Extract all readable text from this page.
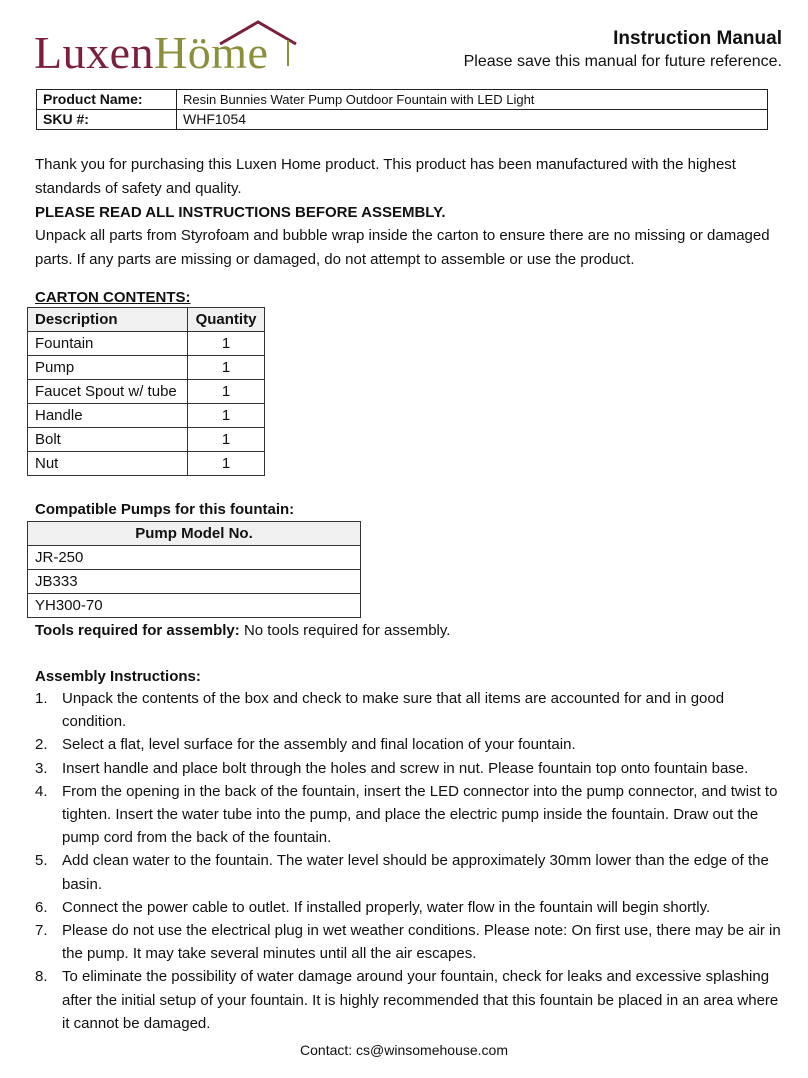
LuxenHöme	Instruction Manual
Please save this manual for future reference.
Product Name:	Resin Bunnies Water Pump Outdoor Fountain with LED Light
SKU #:	WHF1054
Thank you for purchasing this Luxen Home product. This product has been manufactured with the highest standards of safety and quality.
PLEASE READ ALL INSTRUCTIONS BEFORE ASSEMBLY.
Unpack all parts from Styrofoam and bubble wrap inside the carton to ensure there are no missing or damaged parts. If any parts are missing or damaged, do not attempt to assemble or use the product.
CARTON CONTENTS:
Description	Quantity
Fountain	1
Pump	1
Faucet Spout w/ tube	1
Handle	1
Bolt	1
Nut	1
Compatible Pumps for this fountain:
Pump Model No.
JR-250
JB333
YH300-70
Tools required for assembly: No tools required for assembly.
Assembly Instructions:
1. Unpack the contents of the box and check to make sure that all items are accounted for and in good condition.
2. Select a flat, level surface for the assembly and final location of your fountain.
3. Insert handle and place bolt through the holes and screw in nut. Please fountain top onto fountain base.
4. From the opening in the back of the fountain, insert the LED connector into the pump connector, and twist to tighten. Insert the water tube into the pump, and place the electric pump inside the fountain. Draw out the pump cord from the back of the fountain.
5. Add clean water to the fountain. The water level should be approximately 30mm lower than the edge of the basin.
6. Connect the power cable to outlet. If installed properly, water flow in the fountain will begin shortly.
7. Please do not use the electrical plug in wet weather conditions. Please note: On first use, there may be air in the pump. It may take several minutes until all the air escapes.
8. To eliminate the possibility of water damage around your fountain, check for leaks and excessive splashing after the initial setup of your fountain. It is highly recommended that this fountain be placed in an area where it cannot be damaged.
Contact: cs@winsomehouse.com
